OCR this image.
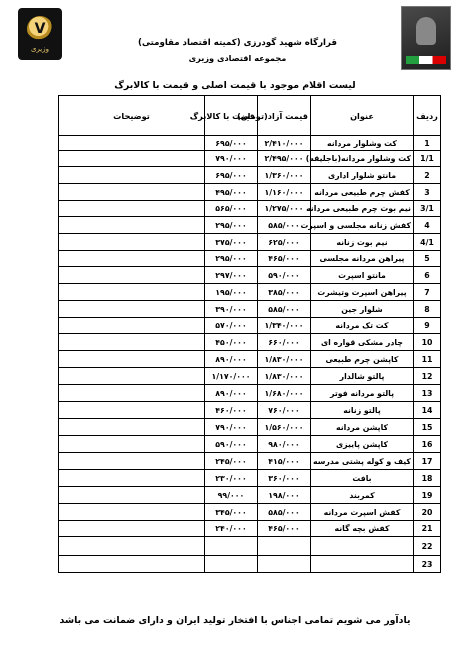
V
وزیری
قرارگاه شهید گودرزی (کمیته اقتصاد مقاومتی)
مجموعه اقتصادی وزیری
لیست اقلام موجود با قیمت اصلی و قیمت با کالابرگ
ردیف	عنوان	قیمت آزاد(تومان)	قیمت با کالابرگ	توضیحات
1	کت وشلوار مردانه	۲/۴۱۰/۰۰۰	۶۹۵/۰۰۰	
1/1	کت وشلوار مردانه(باجلیقه)	۲/۴۹۵/۰۰۰	۷۹۰/۰۰۰	
2	مانتو شلوار اداری	۱/۳۶۰/۰۰۰	۶۹۵/۰۰۰	
3	کفش چرم طبیعی مردانه	۱/۱۶۰/۰۰۰	۴۹۵/۰۰۰	
3/1	نیم بوت چرم طبیعی مردانه	۱/۲۷۵/۰۰۰	۵۶۵/۰۰۰	
4	کفش زنانه مجلسی و اسپرت	۵۸۵/۰۰۰	۲۹۵/۰۰۰	
4/1	نیم بوت زنانه	۶۲۵/۰۰۰	۳۷۵/۰۰۰	
5	پیراهن مردانه مجلسی	۴۶۵/۰۰۰	۲۹۵/۰۰۰	
6	مانتو اسپرت	۵۹۰/۰۰۰	۲۹۷/۰۰۰	
7	پیراهن اسپرت وتیشرت	۳۸۵/۰۰۰	۱۹۵/۰۰۰	
8	شلوار جین	۵۸۵/۰۰۰	۳۹۰/۰۰۰	
9	کت تک مردانه	۱/۳۴۰/۰۰۰	۵۷۰/۰۰۰	
10	چادر مشکی قواره ای	۶۶۰/۰۰۰	۴۵۰/۰۰۰	
11	کاپشن چرم طبیعی	۱/۸۳۰/۰۰۰	۸۹۰/۰۰۰	
12	پالتو شالدار	۱/۸۳۰/۰۰۰	۱/۱۷۰/۰۰۰	
13	پالتو مردانه فوتر	۱/۶۸۰/۰۰۰	۸۹۰/۰۰۰	
14	پالتو زنانه	۷۶۰/۰۰۰	۴۶۰/۰۰۰	
15	کاپشن مردانه	۱/۵۶۰/۰۰۰	۷۹۰/۰۰۰	
16	کاپشن پاییزی	۹۸۰/۰۰۰	۵۹۰/۰۰۰	
17	کیف و کوله پشتی مدرسه	۴۱۵/۰۰۰	۲۴۵/۰۰۰	
18	بافت	۳۶۰/۰۰۰	۲۳۰/۰۰۰	
19	کمربند	۱۹۸/۰۰۰	۹۹/۰۰۰	
20	کفش اسپرت مردانه	۵۸۵/۰۰۰	۳۴۵/۰۰۰	
21	کفش بچه گانه	۴۶۵/۰۰۰	۲۴۰/۰۰۰	
22				
23				
یادآور می شویم تمامی اجناس با افتخار تولید ایران و دارای ضمانت می باشد
